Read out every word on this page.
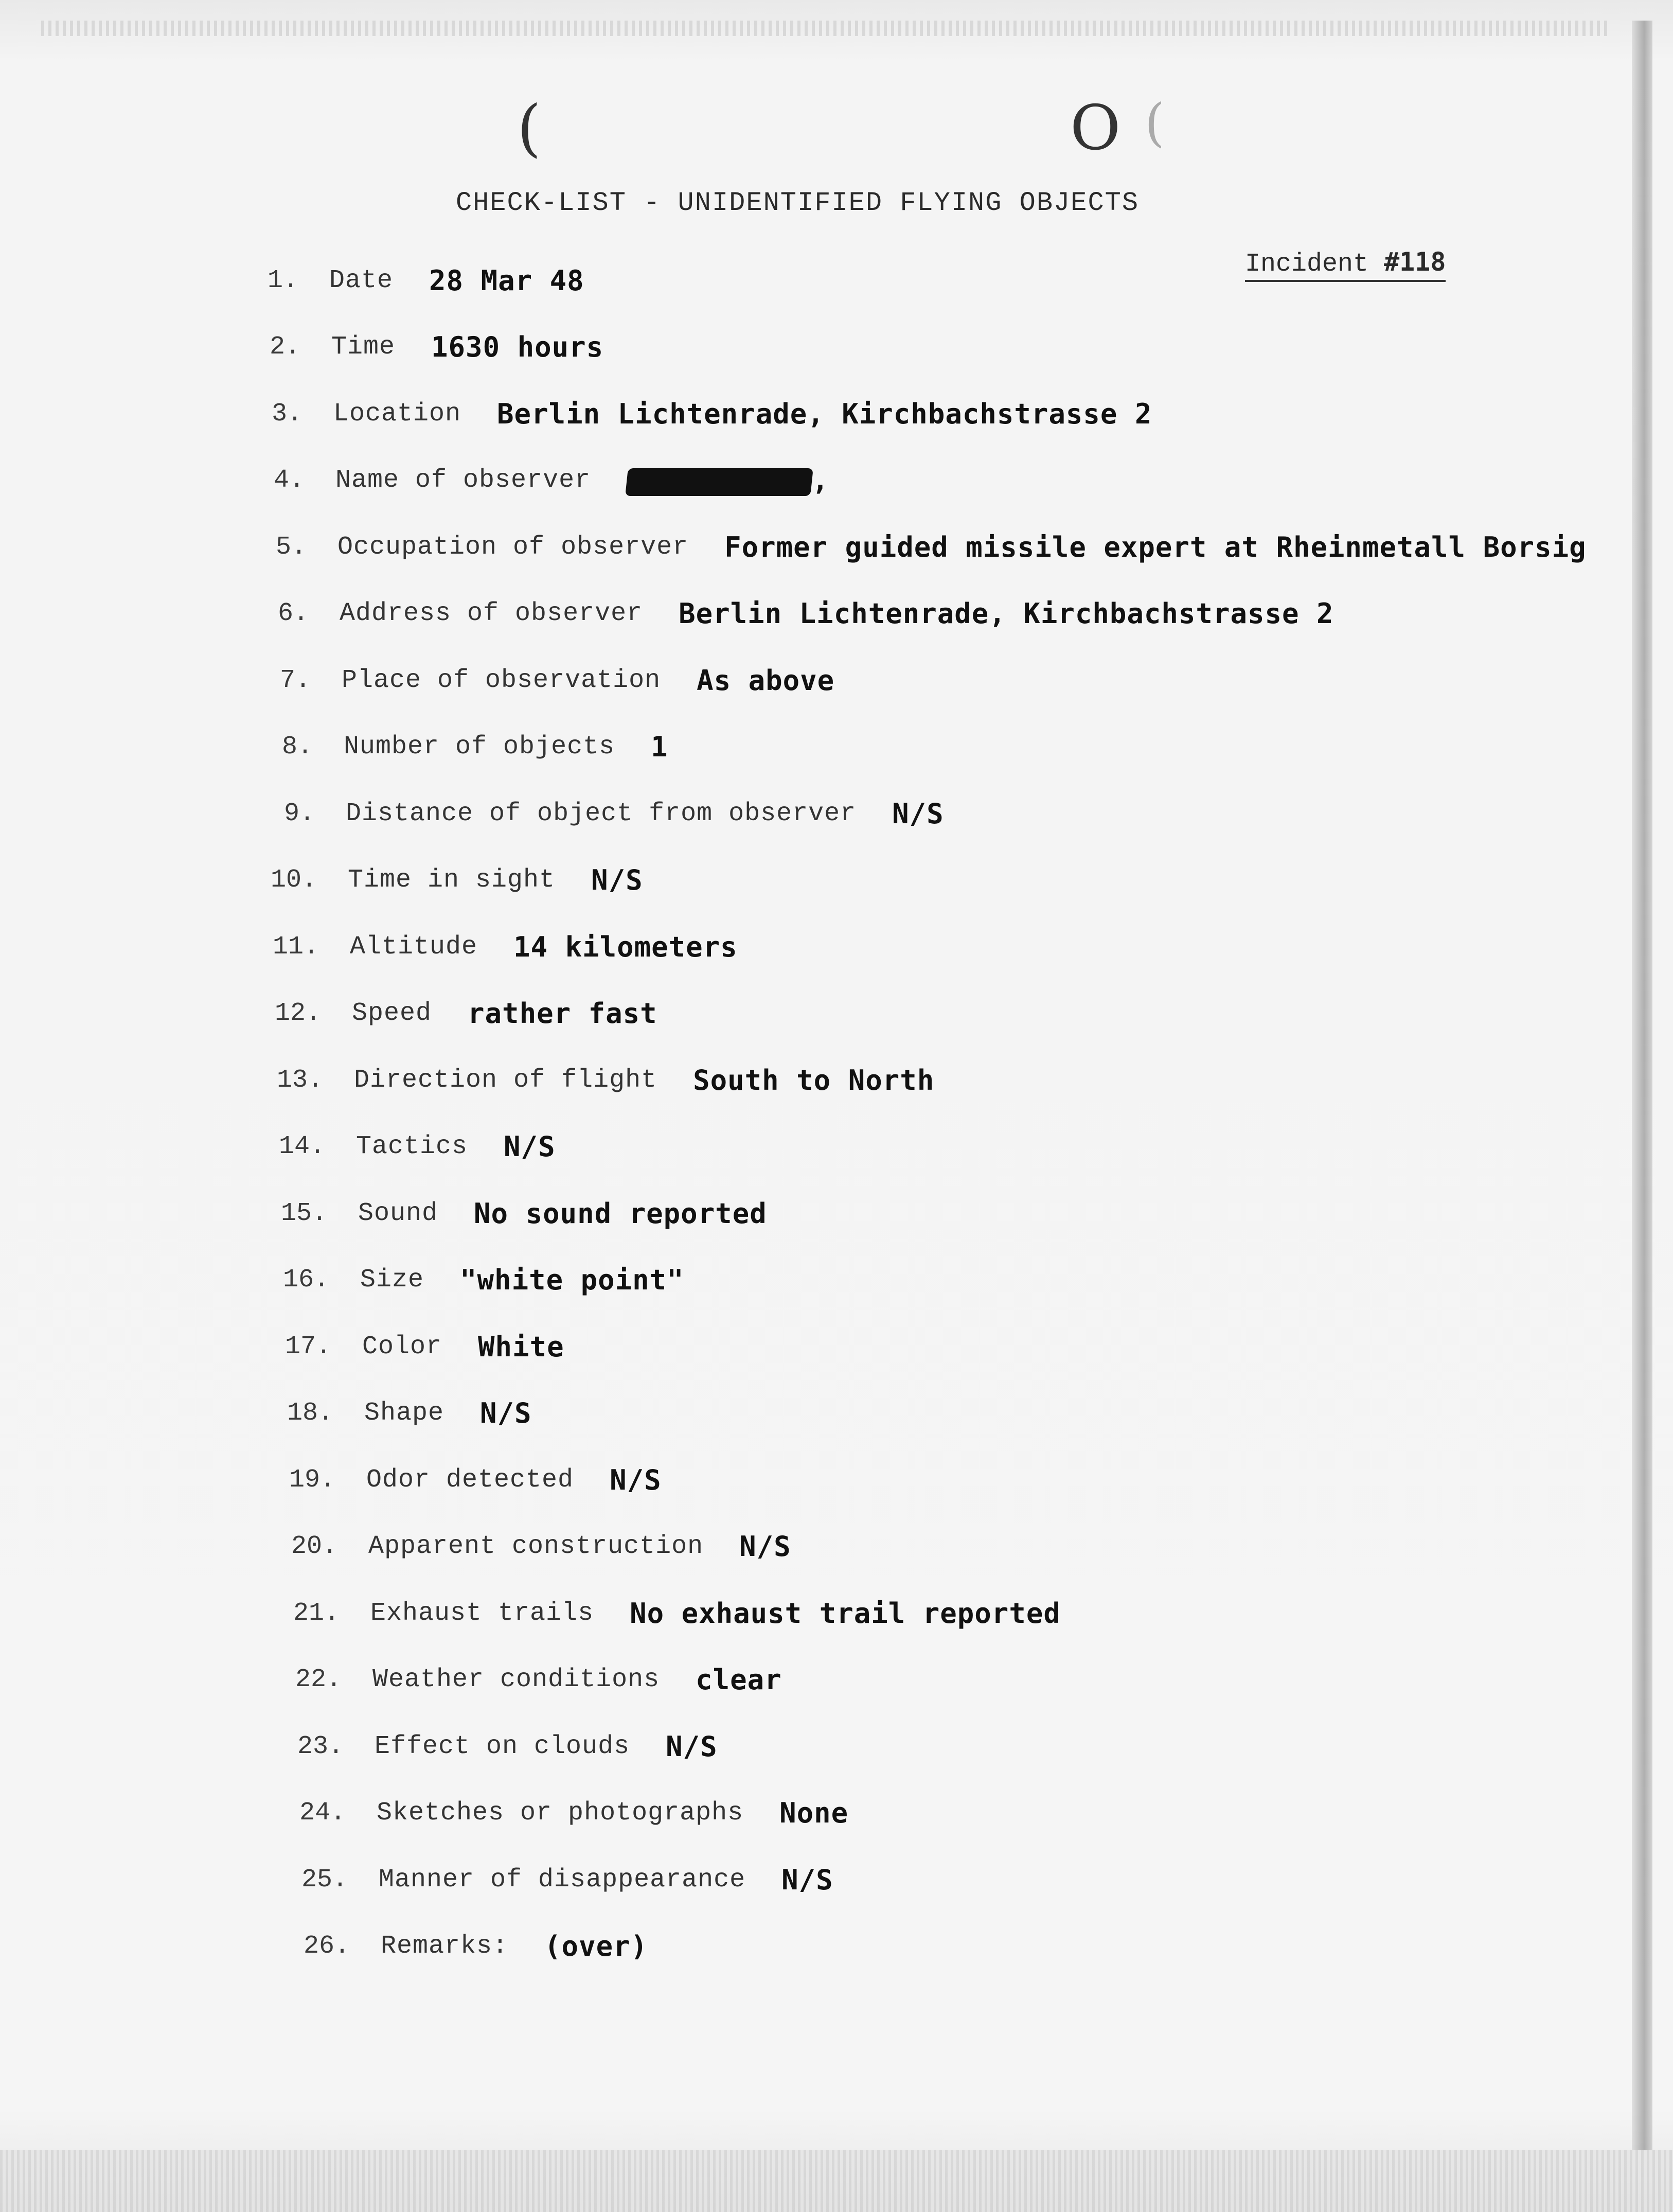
(	O (
CHECK-LIST - UNIDENTIFIED FLYING OBJECTS
Incident #118
1. Date 28 Mar 48
2. Time 1630 hours
3. Location Berlin Lichtenrade, Kirchbachstrasse 2
4. Name of observer	,
5. Occupation of observer Former guided missile expert at Rheinmetall Borsig
6. Address of observer Berlin Lichtenrade, Kirchbachstrasse 2
7. Place of observation As above
8. Number of objects 1
9. Distance of object from observer N/S
10. Time in sight N/S
11. Altitude 14 kilometers
12. Speed rather fast
13. Direction of flight South to North
14. Tactics N/S
15. Sound No sound reported
16. Size "white point"
17. Color White
18. Shape N/S
19. Odor detected N/S
20. Apparent construction N/S
21. Exhaust trails No exhaust trail reported
22. Weather conditions clear
23. Effect on clouds N/S
24. Sketches or photographs None
25. Manner of disappearance N/S
26. Remarks: (over)
